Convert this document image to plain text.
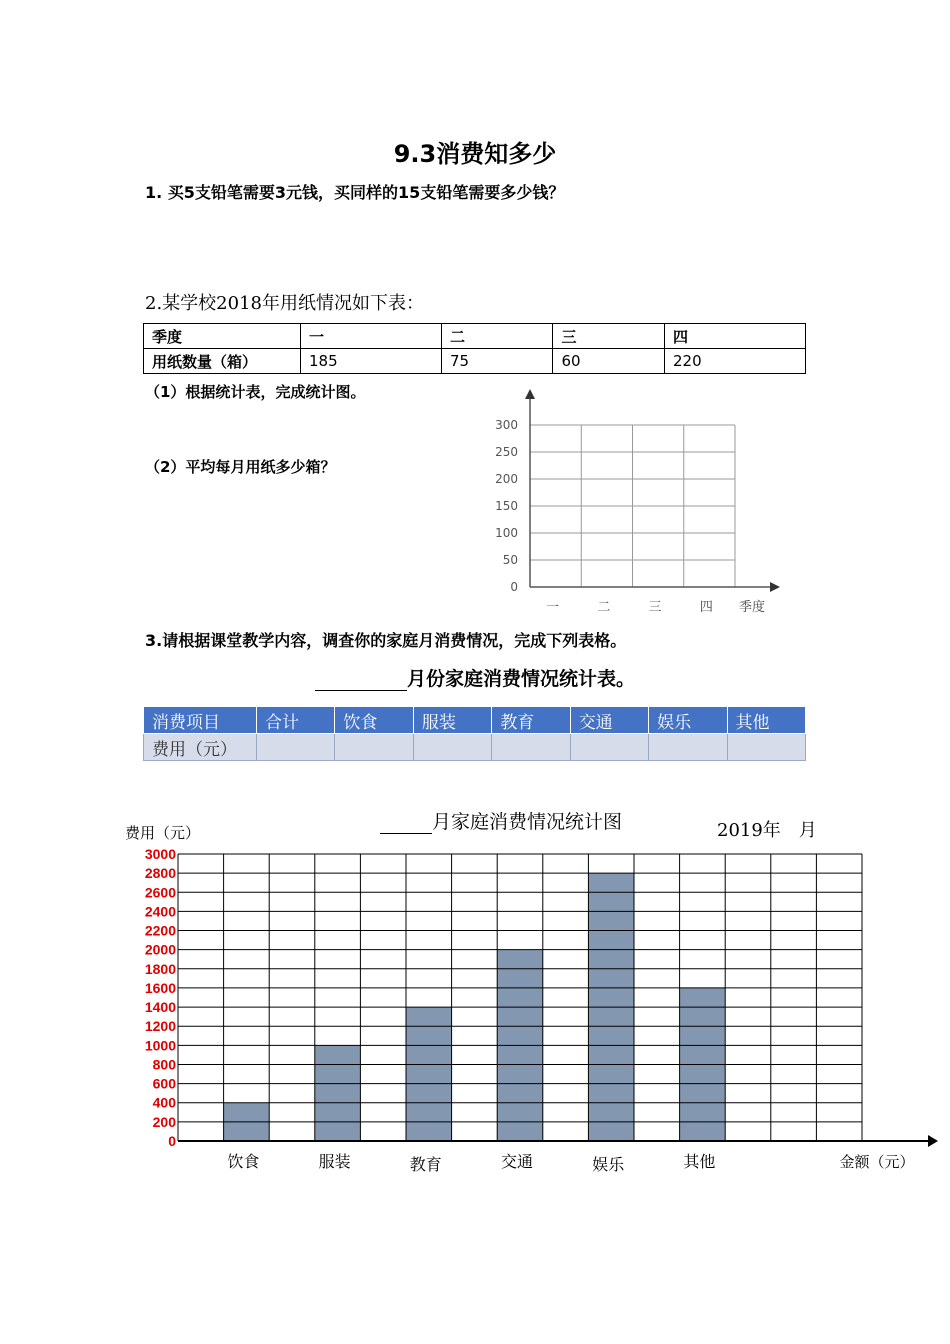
9.3消费知多少
1. 买5支铅笔需要3元钱，买同样的15支铅笔需要多少钱？
2.某学校2018年用纸情况如下表：
季度	一	二	三	四
用纸数量（箱）	185	75	60	220
（1）根据统计表，完成统计图。
（2）平均每月用纸多少箱？
0
50
100
150
200
250
300
一	二	三	四 季度
3.请根据课堂教学内容，调查你的家庭月消费情况，完成下列表格。
月份家庭消费情况统计表。
消费项目	合计	饮食	服装	教育	交通	娱乐	其他
费用（元）							
月家庭消费情况统计图	2019年　月
费用（元）
0
200
400
600
800
1000
1200
1400
1600
1800
2000
2200
2400
2600
2800
3000
饮食	服装	教育	交通	娱乐	其他	金额（元）
